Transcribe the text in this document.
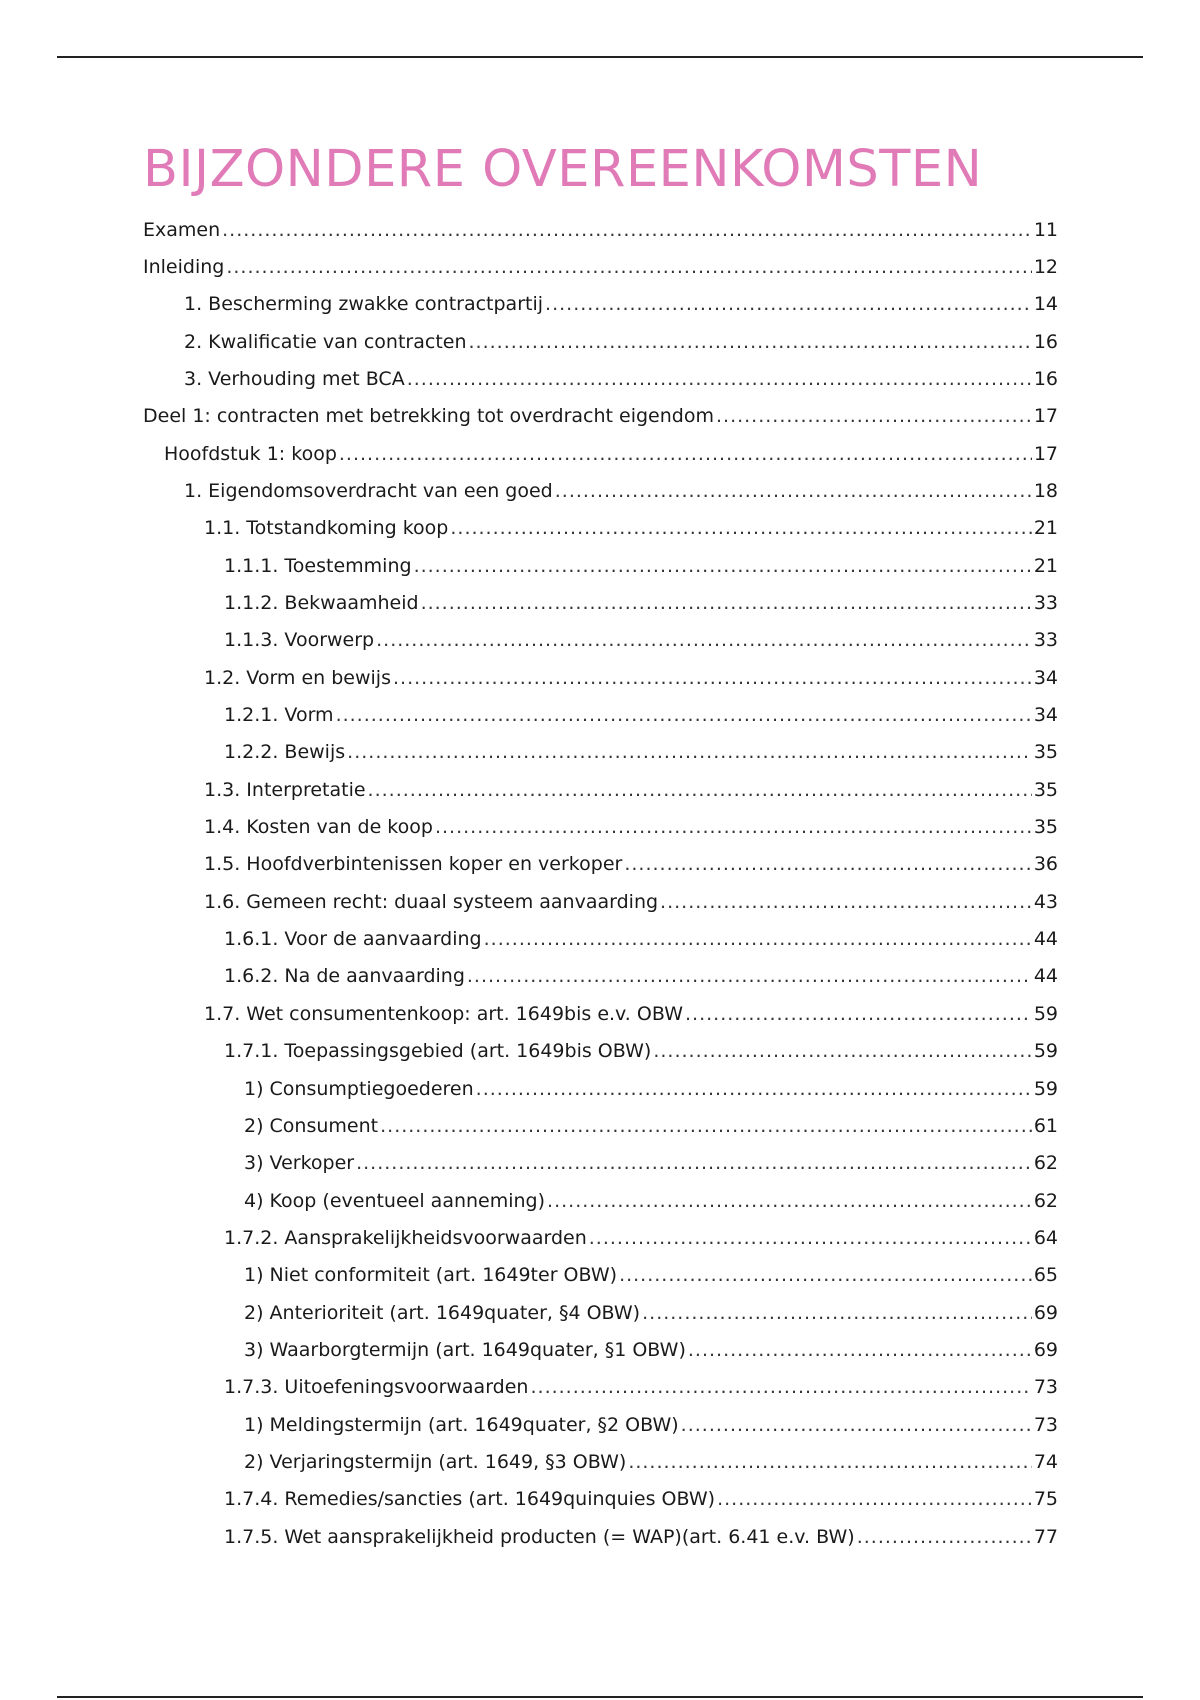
BIJZONDERE OVEREENKOMSTEN
Examen .....	11
Inleiding .....	12
1. Bescherming zwakke contractpartij .....	14
2. Kwalificatie van contracten .....	16
3. Verhouding met BCA .....	16
Deel 1: contracten met betrekking tot overdracht eigendom .....	17
Hoofdstuk 1: koop .....	17
1. Eigendomsoverdracht van een goed .....	18
1.1. Totstandkoming koop .....	21
1.1.1. Toestemming .....	21
1.1.2. Bekwaamheid .....	33
1.1.3. Voorwerp .....	33
1.2. Vorm en bewijs .....	34
1.2.1. Vorm .....	34
1.2.2. Bewijs .....	35
1.3. Interpretatie .....	35
1.4. Kosten van de koop .....	35
1.5. Hoofdverbintenissen koper en verkoper .....	36
1.6. Gemeen recht: duaal systeem aanvaarding .....	43
1.6.1. Voor de aanvaarding .....	44
1.6.2. Na de aanvaarding .....	44
1.7. Wet consumentenkoop: art. 1649bis e.v. OBW .....	59
1.7.1. Toepassingsgebied (art. 1649bis OBW) .....	59
1) Consumptiegoederen .....	59
2) Consument .....	61
3) Verkoper .....	62
4) Koop (eventueel aanneming) .....	62
1.7.2. Aansprakelijkheidsvoorwaarden .....	64
1) Niet conformiteit (art. 1649ter OBW) .....	65
2) Anterioriteit (art. 1649quater, §4 OBW) .....	69
3) Waarborgtermijn (art. 1649quater, §1 OBW) .....	69
1.7.3. Uitoefeningsvoorwaarden .....	73
1) Meldingstermijn (art. 1649quater, §2 OBW) .....	73
2) Verjaringstermijn (art. 1649, §3 OBW) .....	74
1.7.4. Remedies/sancties (art. 1649quinquies OBW) .....	75
1.7.5. Wet aansprakelijkheid producten (= WAP)(art. 6.41 e.v. BW) .....	77
